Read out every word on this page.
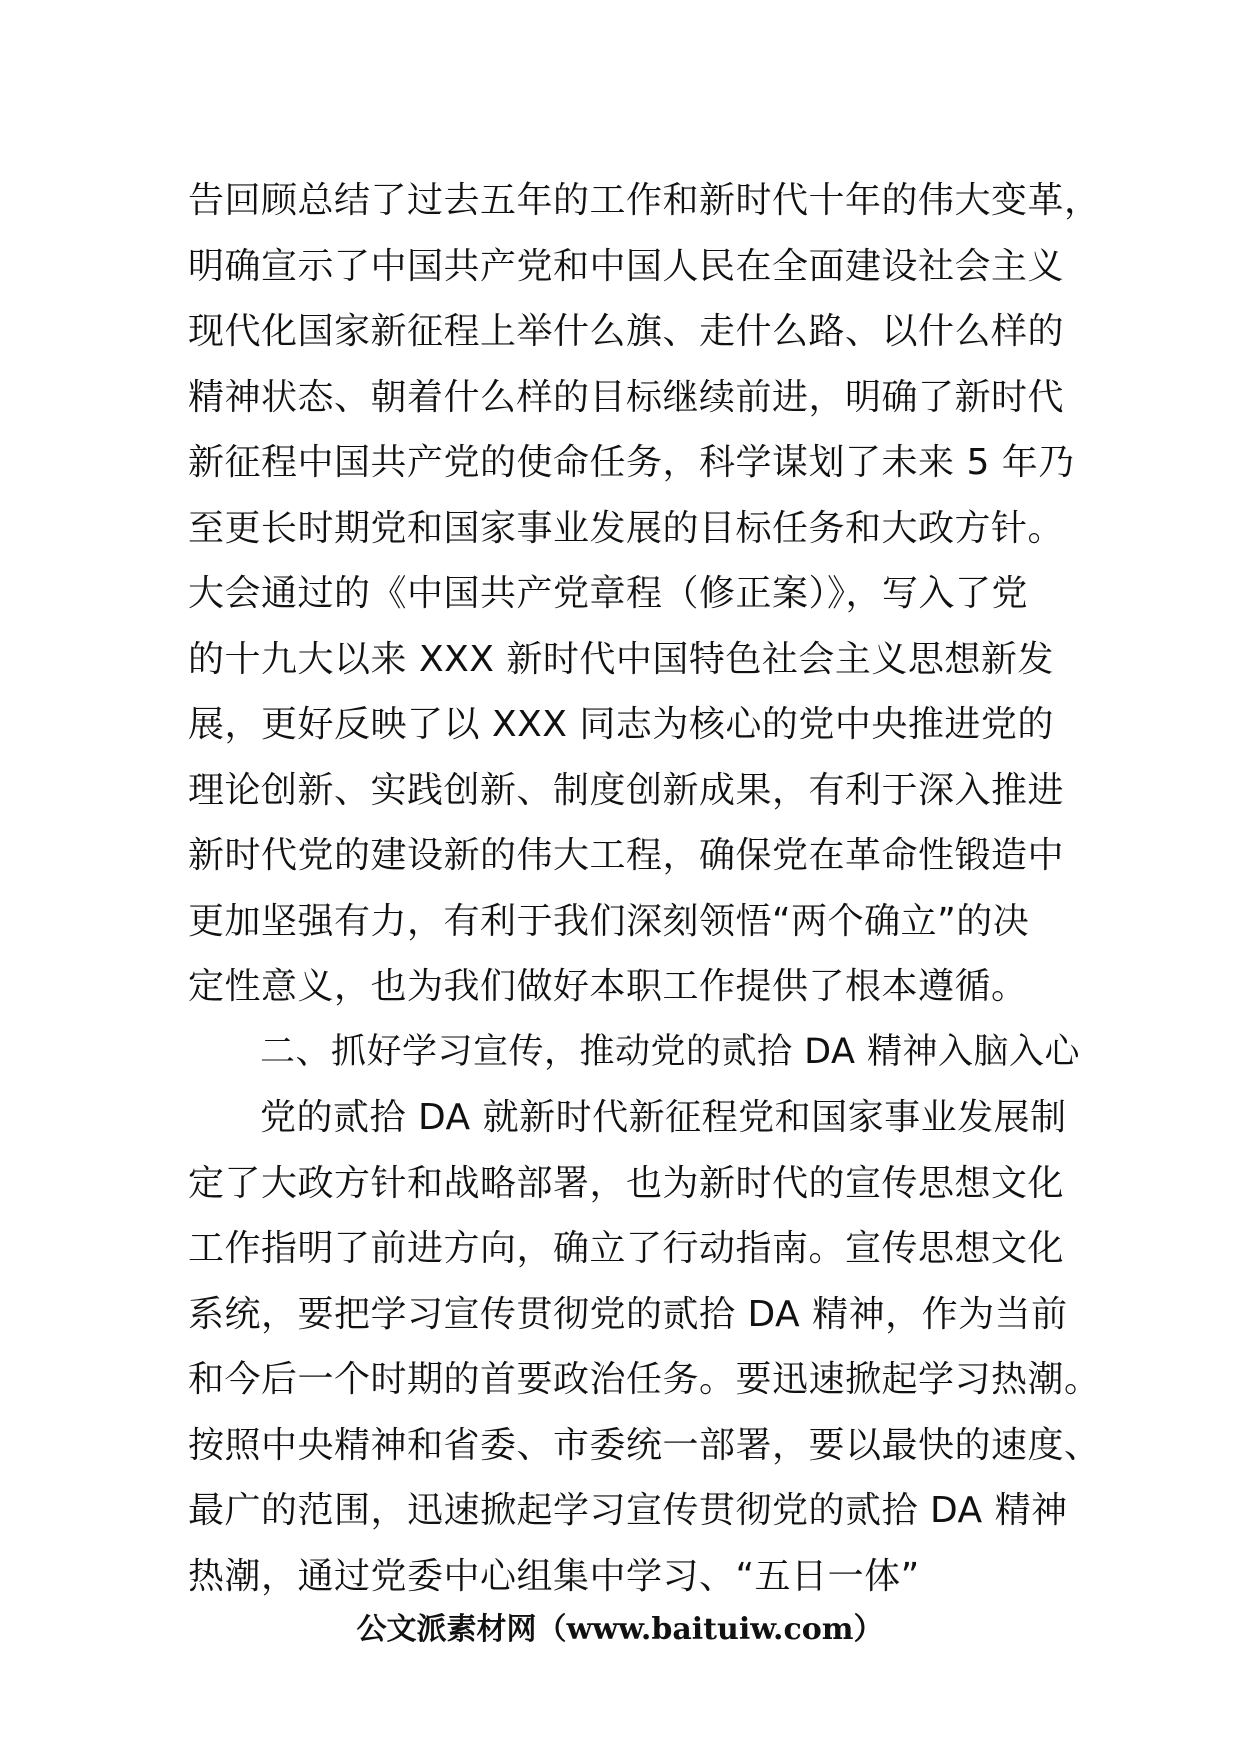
告回顾总结了过去五年的工作和新时代十年的伟大变革，
明确宣示了中国共产党和中国人民在全面建设社会主义
现代化国家新征程上举什么旗、走什么路、以什么样的
精神状态、朝着什么样的目标继续前进，明确了新时代
新征程中国共产党的使命任务，科学谋划了未来 5 年乃
至更长时期党和国家事业发展的目标任务和大政方针。
大会通过的《中国共产党章程（修正案）》，写入了党
的十九大以来 XXX 新时代中国特色社会主义思想新发
展，更好反映了以 XXX 同志为核心的党中央推进党的
理论创新、实践创新、制度创新成果，有利于深入推进
新时代党的建设新的伟大工程，确保党在革命性锻造中
更加坚强有力，有利于我们深刻领悟“两个确立”的决
定性意义，也为我们做好本职工作提供了根本遵循。
二、抓好学习宣传，推动党的贰拾 DA 精神入脑入心
党的贰拾 DA 就新时代新征程党和国家事业发展制
定了大政方针和战略部署，也为新时代的宣传思想文化
工作指明了前进方向，确立了行动指南。宣传思想文化
系统，要把学习宣传贯彻党的贰拾 DA 精神，作为当前
和今后一个时期的首要政治任务。要迅速掀起学习热潮。
按照中央精神和省委、市委统一部署，要以最快的速度、
最广的范围，迅速掀起学习宣传贯彻党的贰拾 DA 精神
热潮，通过党委中心组集中学习、“五日一体”
公文派素材网（www.baituiw.com）
